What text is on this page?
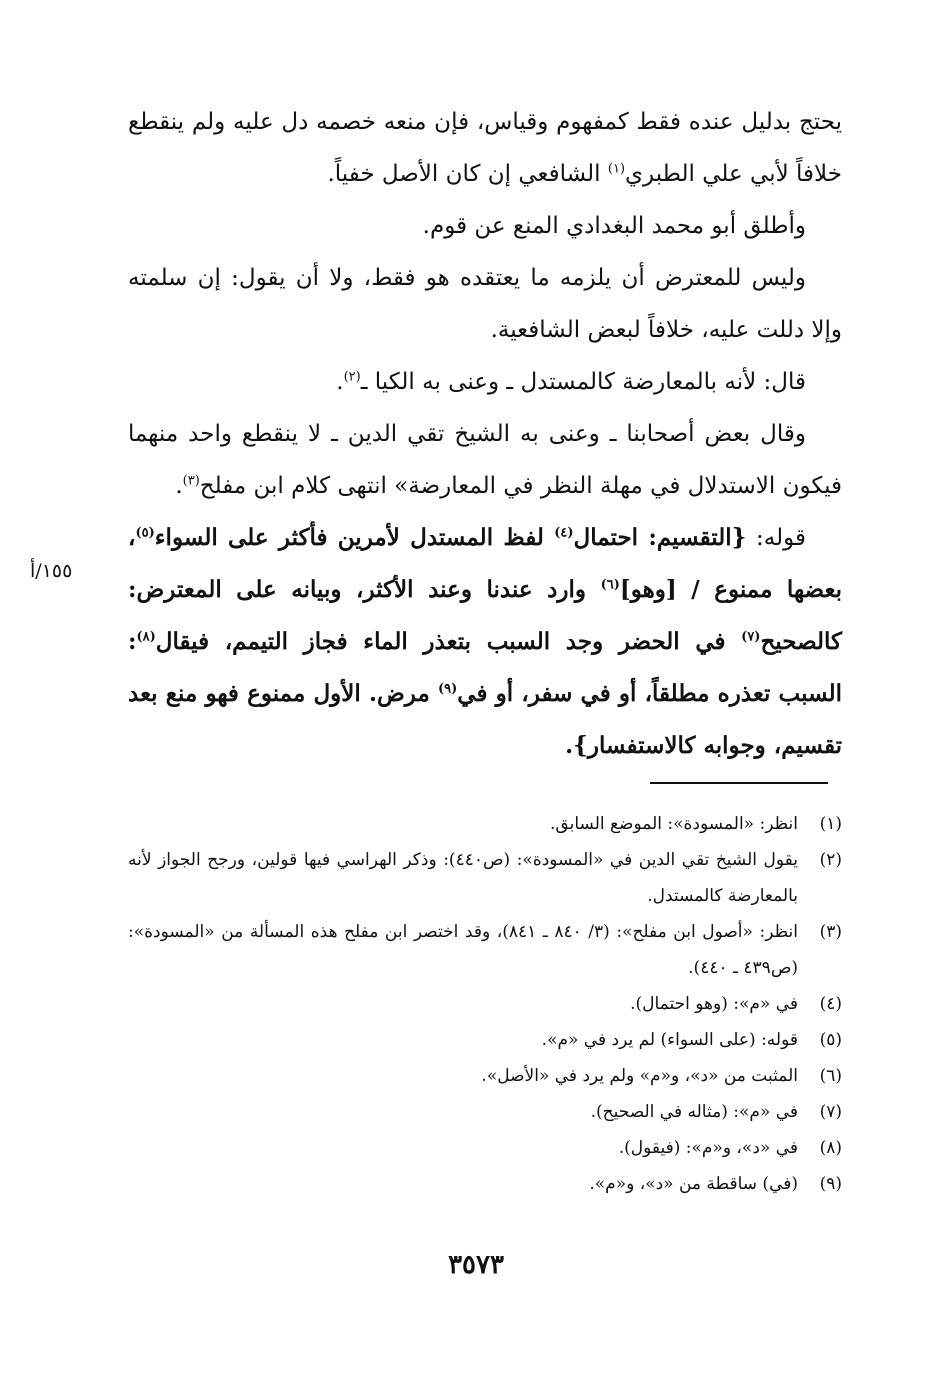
يحتج بدليل عنده فقط كمفهوم وقياس، فإن منعه خصمه دل عليه ولم ينقطع خلافاً لأبي علي الطبري$^{(١)}$ الشافعي إن كان الأصل خفياً.

وأطلق أبو محمد البغدادي المنع عن قوم.

وليس للمعترض أن يلزمه ما يعتقده هو فقط، ولا أن يقول: إن سلمته وإلا دللت عليه، خلافاً لبعض الشافعية.

قال: لأنه بالمعارضة كالمستدل ـ وعنى به الكيا ـ$^{(٢)}$.

وقال بعض أصحابنا ـ وعنى به الشيخ تقي الدين ـ لا ينقطع واحد منهما فيكون الاستدلال في مهلة النظر في المعارضة» انتهى كلام ابن مفلح$^{(٣)}$.

قوله: {التقسيم: احتمال$^{(٤)}$ لفظ المستدل لأمرين فأكثر على السواء$^{(٥)}$، بعضها ممنوع / [وهو]$^{(٦)}$ وارد عندنا وعند الأكثر، وبيانه على المعترض: كالصحيح$^{(٧)}$ في الحضر وجد السبب بتعذر الماء فجاز التيمم، فيقال$^{(٨)}$: السبب تعذره مطلقاً، أو في سفر، أو في$^{(٩)}$ مرض. الأول ممنوع فهو منع بعد تقسيم، وجوابه كالاستفسار}.

١٥٥/أ
(١)
انظر: «المسودة»: الموضع السابق.
(٢)
يقول الشيخ تقي الدين في «المسودة»: (ص٤٤٠): وذكر الهراسي فيها قولين، ورجح الجواز لأنه بالمعارضة كالمستدل.
(٣)
انظر: «أصول ابن مفلح»: (٣/ ٨٤٠ ـ ٨٤١)، وقد اختصر ابن مفلح هذه المسألة من «المسودة»: (ص٤٣٩ ـ ٤٤٠).
(٤)
في «م»: (وهو احتمال).
(٥)
قوله: (على السواء) لم يرد في «م».
(٦)
المثبت من «د»، و«م» ولم يرد في «الأصل».
(٧)
في «م»: (مثاله في الصحيح).
(٨)
في «د»، و«م»: (فيقول).
(٩)
(في) ساقطة من «د»، و«م».
٣٥٧٣
